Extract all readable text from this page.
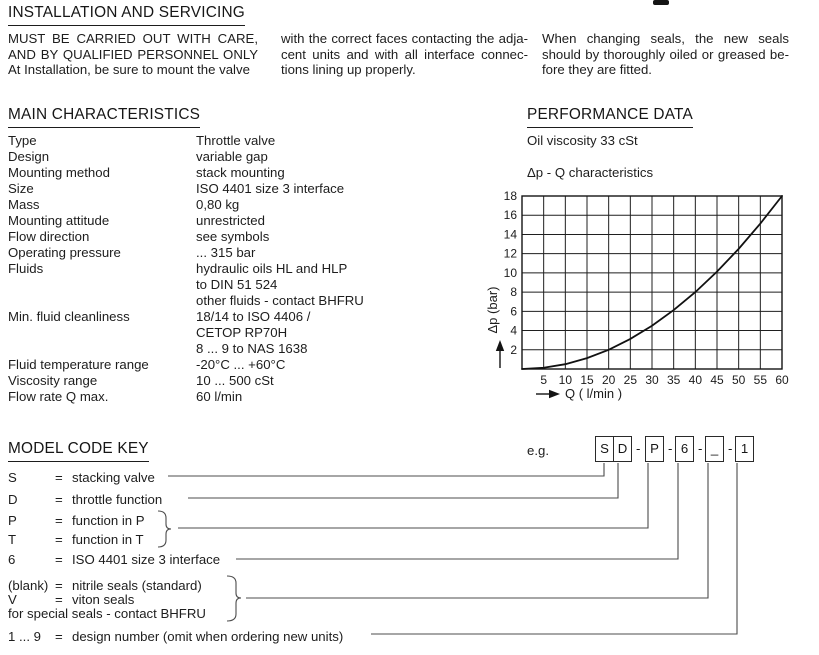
INSTALLATION AND SERVICING
MUST BE CARRIED OUT WITH CARE,
AND BY QUALIFIED PERSONNEL ONLY
At Installation, be sure to mount the valve
with the correct faces contacting the adja-
cent units and with all interface connec-
tions lining up properly.
When changing seals, the new seals
should by thoroughly oiled or greased be-
fore they are fitted.
MAIN CHARACTERISTICS
Type	Throttle valve
Design	variable gap
Mounting method	stack mounting
Size	ISO 4401 size 3 interface
Mass	0,80 kg
Mounting attitude	unrestricted
Flow direction	see symbols
Operating pressure	... 315 bar
Fluids	hydraulic oils HL and HLP
to DIN 51 524
other fluids - contact BHFRU
Min. fluid cleanliness	18/14 to ISO 4406 /
CETOP RP70H
8 ... 9 to NAS 1638
Fluid temperature range	-20°C ... +60°C
Viscosity range	10 ... 500 cSt
Flow rate Q max.	60 l/min
PERFORMANCE DATA
Oil viscosity 33 cSt
Δp - Q characteristics
5 10 15 20 25 30 35 40 45 50 55 60
2
4
6
8
10
12
14
16
18
Δp (bar)
Q ( l/min )
MODEL CODE KEY	e.g.	S D - P - 6 - _ - 1
S	= stacking valve
D	= throttle function
P	= function in P
T	= function in T
6	= ISO 4401 size 3 interface
(blank) = nitrile seals (standard)
V	= viton seals
for special seals - contact BHFRU
1 ... 9 = design number (omit when ordering new units)
